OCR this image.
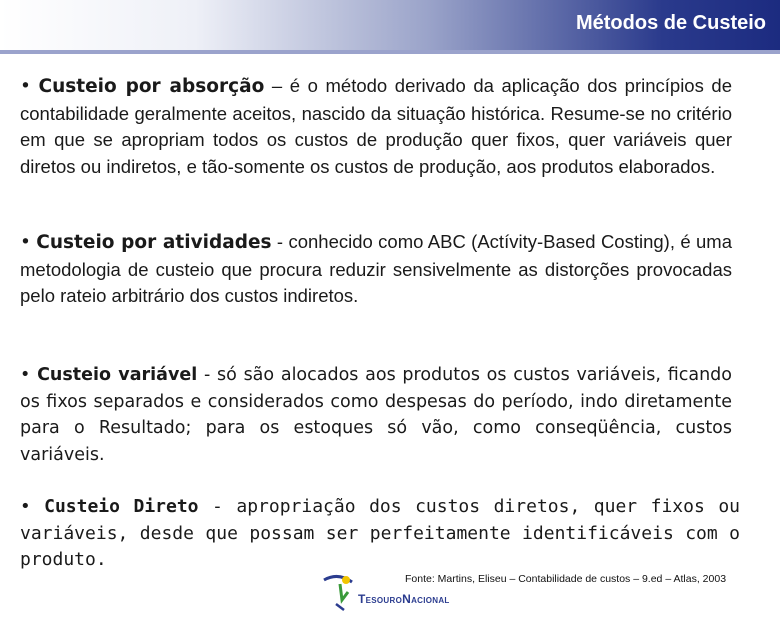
Métodos de Custeio

• Custeio por absorção – é o método derivado da aplicação dos princípios de contabilidade geralmente aceitos, nascido da situação histórica. Resume-se no critério em que se apropriam todos os custos de produção quer fixos, quer variáveis quer diretos ou indiretos, e tão-somente os custos de produção, aos produtos elaborados.

• Custeio por atividades - conhecido como ABC (Actívity-Based Costing), é uma metodologia de custeio que procura reduzir sensivelmente as distorções provocadas pelo rateio arbitrário dos custos indiretos.

• Custeio variável - só são alocados aos produtos os custos variáveis, ficando os fixos separados e considerados como despesas do período, indo diretamente para o Resultado; para os estoques só vão, como conseqüência, custos variáveis.

• Custeio Direto - apropriação dos custos diretos, quer fixos ou variáveis, desde que possam ser perfeitamente identificáveis com o produto.

TesouroNacional
Fonte: Martins, Eliseu – Contabilidade de custos – 9.ed – Atlas, 2003
